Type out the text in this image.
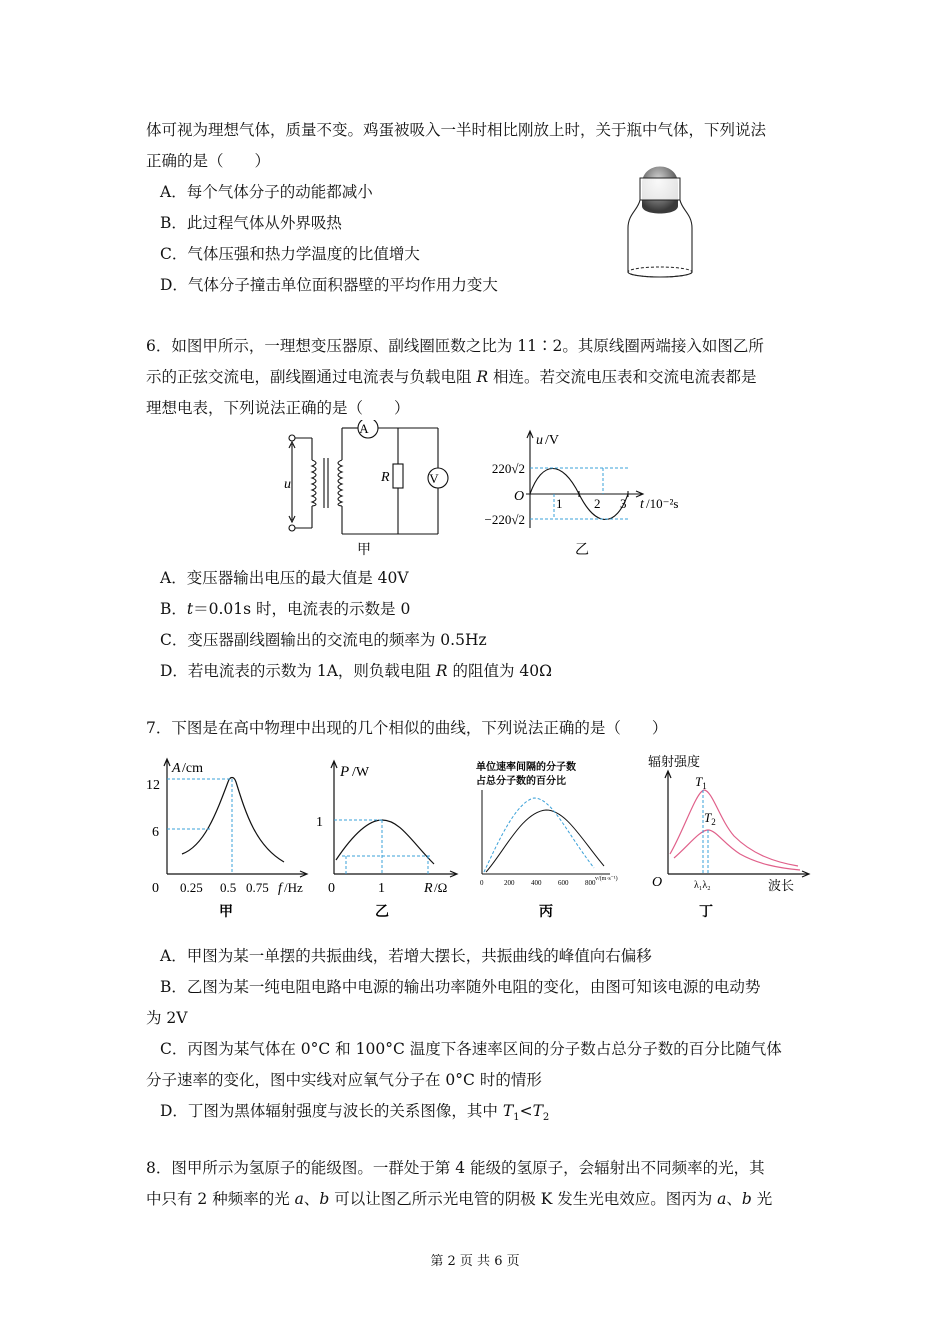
体可视为理想气体，质量不变。鸡蛋被吸入一半时相比刚放上时，关于瓶中气体，下列说法
正确的是（　　）
A．每个气体分子的动能都减小
B．此过程气体从外界吸热
C．气体压强和热力学温度的比值增大
D．气体分子撞击单位面积器壁的平均作用力变大
6．如图甲所示，一理想变压器原、副线圈匝数之比为 11∶2。其原线圈两端接入如图乙所
示的正弦交流电，副线圈通过电流表与负载电阻 R 相连。若交流电压表和交流电流表都是
理想电表，下列说法正确的是（　　）
A
V
R
u
甲
u /V
220√2
−220√2
O 1 2 3 t /10⁻²s
乙
A．变压器输出电压的最大值是 40V
B．t＝0.01s 时，电流表的示数是 0
C．变压器副线圈输出的交流电的频率为 0.5Hz
D．若电流表的示数为 1A，则负载电阻 R 的阻值为 40Ω
7．下图是在高中物理中出现的几个相似的曲线，下列说法正确的是（　　）
A /cm
12
6
0 0.25 0.5 0.75 f /Hz
甲
P /W
1
0	1	R /Ω
乙
单位速率间隔的分子数
占总分子数的百分比
0	200 400 600 800 v/(m·s⁻¹)
丙
辐射强度
$T_1$
$T_2$
O	λ₁λ₂	波长
丁
A．甲图为某一单摆的共振曲线，若增大摆长，共振曲线的峰值向右偏移
B．乙图为某一纯电阻电路中电源的输出功率随外电阻的变化，由图可知该电源的电动势
为 2V
C．丙图为某气体在 0°C 和 100°C 温度下各速率区间的分子数占总分子数的百分比随气体
分子速率的变化，图中实线对应氧气分子在 0°C 时的情形
D．丁图为黑体辐射强度与波长的关系图像，其中 $T_1<T_2$
8．图甲所示为氢原子的能级图。一群处于第 4 能级的氢原子，会辐射出不同频率的光，其
中只有 2 种频率的光 a、b 可以让图乙所示光电管的阴极 K 发生光电效应。图丙为 a、b 光
第 2 页 共 6 页
